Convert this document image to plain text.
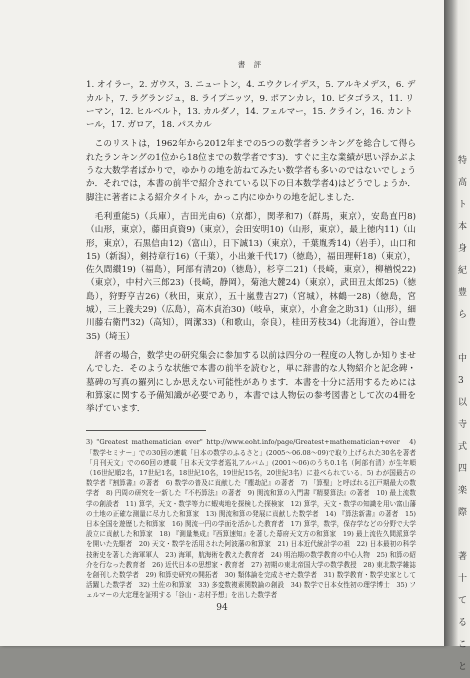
書 評

1. オイラー，2. ガウス，3. ニュートン，4. エウクレイデス，5. アルキメデス，6. デカルト，7. ラグランジュ，8. ライプニッツ，9. ポアンカレ，10. ピタゴラス，11. リーマン，12. ヒルベルト，13. カルダノ，14. フェルマー，15. クライン，16. カントール，17. ガロア，18. パスカル

このリストは，1962年から2012年までの5つの数学者ランキングを総合して得られたランキングの1位から18位までの数学者です3)．すぐに主な業績が思い浮かぶような大数学者ばかりで，ゆかりの地を訪ねてみたい数学者も多いのではないでしょうか．それでは，本書の前半で紹介されている以下の日本数学者4)はどうでしょうか．脚注に著者による紹介タイトル，かっこ内にゆかりの地を記しました．

毛利重能5)（兵庫），吉田光由6)（京都），関孝和7)（群馬，東京），安島直円8)（山形，東京），藤田貞資9)（東京），会田安明10)（山形，東京），最上徳内11)（山形，東京），石黒信由12)（富山），日下誠13)（東京），千葉胤秀14)（岩手），山口和15)（新潟），剣持章行16)（千葉），小出兼千代17)（徳島），福田理軒18)（東京），佐久間纉19)（福島），阿部有清20)（徳島），杉亨二21)（長崎，東京），柳楢悦22)（東京），中村六三郎23)（長崎，静岡），菊池大麓24)（東京），武田丑太郎25)（徳島），狩野亨吉26)（秋田，東京），五十嵐豊吉27)（宮城），林鶴一28)（徳島，宮城），三上義夫29)（広島），高木貞治30)（岐阜，東京），小倉金之助31)（山形），細川藤右衛門32)（高知），岡潔33)（和歌山，奈良），桂田芳枝34)（北海道），谷山豊35)（埼玉）

評者の場合，数学史の研究集会に参加する以前は四分の一程度の人物しか知りませんでした．そのような状態で本書の前半を読むと，単に辞書的な人物紹介と記念碑・墓碑の写真の羅列にしか思えない可能性があります．本書を十分に活用するためには和算家に関する予備知識が必要であり，本書では人物伝の参考図書として次の4冊を挙げています．

3) "Greatest mathematician ever" http://www.eoht.info/page/Greatest+mathematician+ever　4) 「数学セミナー」での30回の連載「日本の数学のふるさと」(2005〜06.08〜09)で取り上げられた30名を著者「月刊天文」での60回の連載「日本天文学者巡礼アルバム」(2001〜06)のうち0.1名（阿部有清）が生年順（16世紀順2名，17世紀1名，18世紀10名，19世紀15名，20世紀3名）に並べられている．5) わが国最古の数学者『割算書』の著者　6) 数学の普及に貢献した『塵劫記』の著者　7) 「算聖」と呼ばれる江戸期最大の数学者　8) 円周の研究を一新した『不朽算法』の著者　9) 関流和算の入門書『精要算法』の著者　10) 最上流数学の創設者　11) 算学，天文・数学等力に蝦夷地を探検した探検家　12) 算学，天文・数学の知識を用い富山藩の土地の正確な測量に尽力した和算家　13) 関流和算の発展に貢献した数学者　14) 『算法新書』の著者　15) 日本全国を遊歴した和算家　16) 関流一円の学面を活かした教育者　17) 算学，数学，保存学などの分野で大学設立に貢献した和算家　18) 『測量集成』『西算速知』を著した幕府天文方の和算家　19) 最上流佐久間派算学を開いた先駆者　20) 天文・数学を活用された阿波藩の和算家　21) 日本近代統計学の祖　22) 日本最初の科学技術史を著した海軍軍人　23) 海軍，航海術を教えた教育者　24) 明治期の数学教育の中心人物　25) 和算の紹介を行なった教育者　26) 近代日本の思想家・教育者　27) 初期の東北帝国大学の数学教授　28) 東北数学雑誌を創刊した数学者　29) 和算史研究の開拓者　30) 類体論を完成させた数学者　31) 数学教育・数学史家として活躍した数学者　32) 土佐の和算家　33) 多変数複素関数論の創設　34) 数学で日本女性初の理学博士　35) フェルマーの大定理を証明する「谷山・志村予想」を出した数学者
94
特
高
ト
本
身
紀
豊
ら

中
3
以
寺
式
四
楽
際

著
十
て
る
こ
と
